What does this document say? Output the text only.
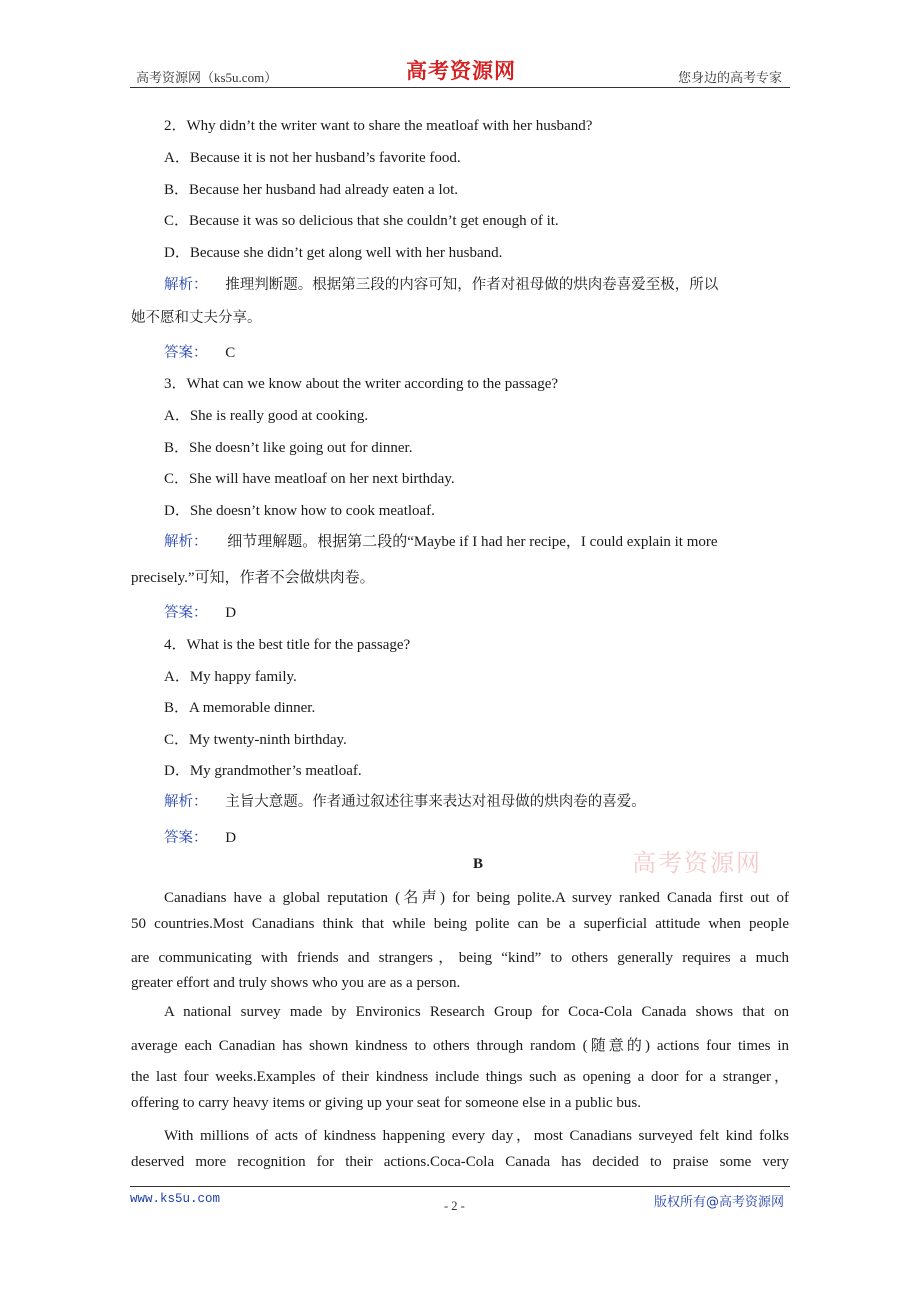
高考资源网（ks5u.com）	高考资源网	您身边的高考专家
2．Why didn’t the writer want to share the meatloaf with her husband?
A．Because it is not her husband’s favorite food.
B．Because her husband had already eaten a lot.
C．Because it was so delicious that she couldn’t get enough of it.
D．Because she didn’t get along well with her husband.
解析： 推理判断题。根据第三段的内容可知，作者对祖母做的烘肉卷喜爱至极，所以
她不愿和丈夫分享。
答案： C
3．What can we know about the writer according to the passage?
A．She is really good at cooking.
B．She doesn’t like going out for dinner.
C．She will have meatloaf on her next birthday.
D．She doesn’t know how to cook meatloaf.
解析： 细节理解题。根据第二段的“Maybe if I had her recipe，I could explain it more
precisely.”可知，作者不会做烘肉卷。
答案： D
4．What is the best title for the passage?
A．My happy family.
B．A memorable dinner.
C．My twenty-ninth birthday.
D．My grandmother’s meatloaf.
解析： 主旨大意题。作者通过叙述往事来表达对祖母做的烘肉卷的喜爱。
答案： D
B
Canadians have a global reputation (名声) for being polite.A survey ranked Canada first out of
50 countries.Most Canadians think that while being polite can be a superficial attitude when people
are communicating with friends and strangers，being “kind” to others generally requires a much
greater effort and truly shows who you are as a person.
A national survey made by Environics Research Group for Coca-Cola Canada shows that on
average each Canadian has shown kindness to others through random (随意的) actions four times in
the last four weeks.Examples of their kindness include things such as opening a door for a stranger，
offering to carry heavy items or giving up your seat for someone else in a public bus.
With millions of acts of kindness happening every day，most Canadians surveyed felt kind folks
deserved more recognition for their actions.Coca-Cola Canada has decided to praise some very
高考资源网
www.ks5u.com	- 2 -	版权所有@高考资源网
